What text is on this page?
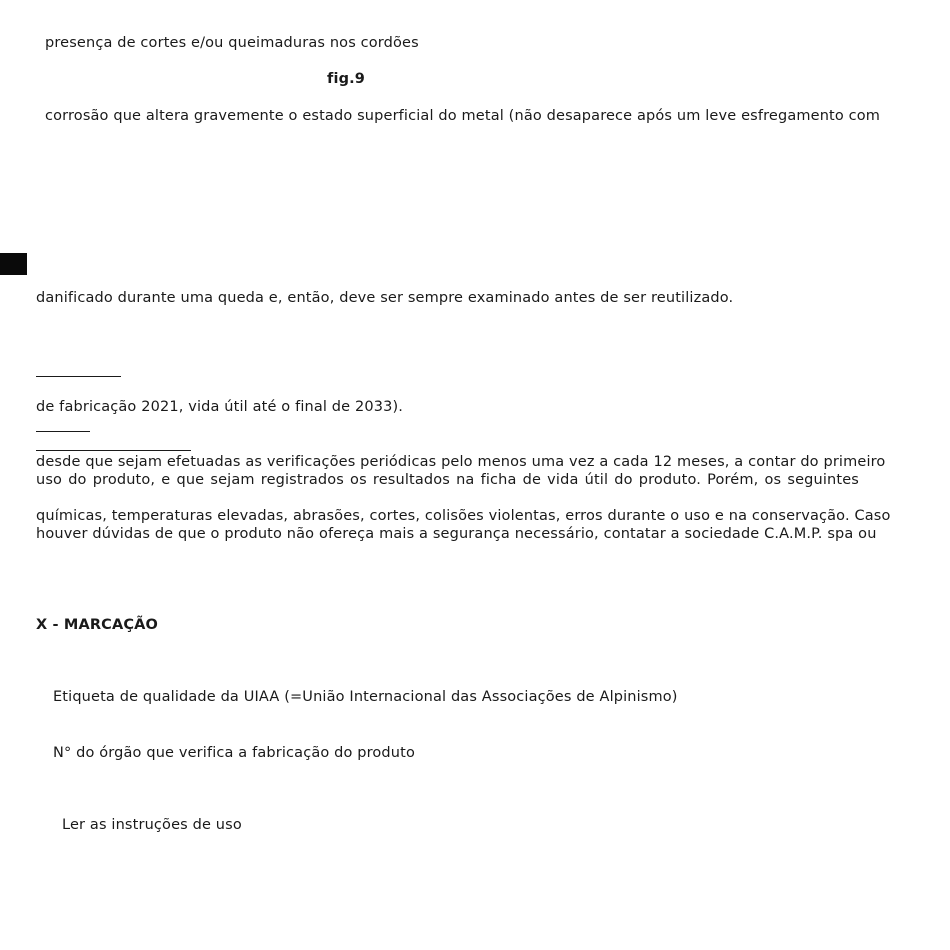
presença de cortes e/ou queimaduras nos cordões
fig.9
corrosão que altera gravemente o estado superficial do metal (não desaparece após um leve esfregamento com
danificado durante uma queda e, então, deve ser sempre examinado antes de ser reutilizado.
de fabricação 2021, vida útil até o final de 2033).
desde que sejam efetuadas as verificações periódicas pelo menos uma vez a cada 12 meses, a contar do primeiro
uso do produto, e que sejam registrados os resultados na ficha de vida útil do produto. Porém, os seguintes
químicas, temperaturas elevadas, abrasões, cortes, colisões violentas, erros durante o uso e na conservação. Caso
houver dúvidas de que o produto não ofereça mais a segurança necessário, contatar a sociedade C.A.M.P. spa ou
X - MARCAÇÃO
Etiqueta de qualidade da UIAA (=União Internacional das Associações de Alpinismo)
N° do órgão que verifica a fabricação do produto
Ler as instruções de uso
